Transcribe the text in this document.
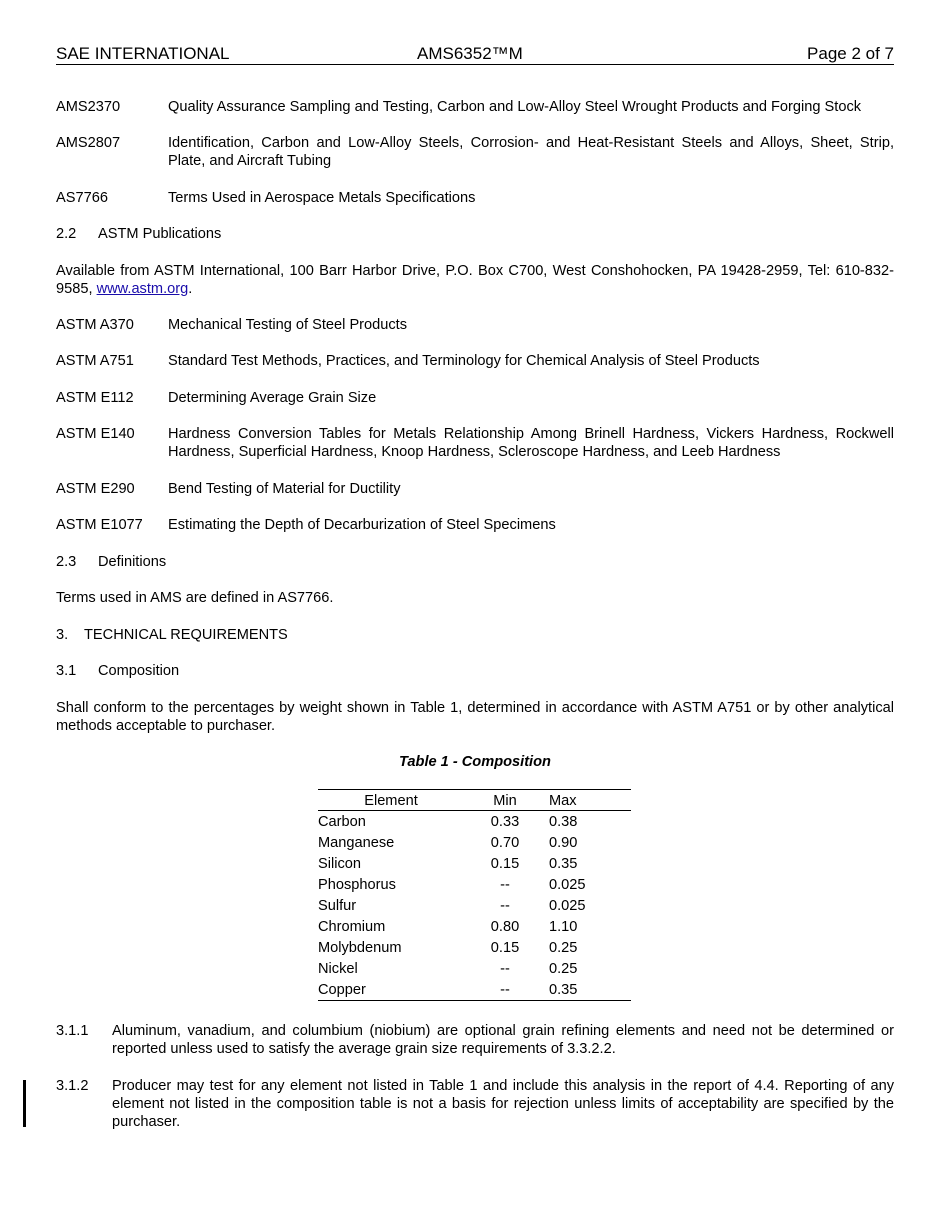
SAE INTERNATIONAL	AMS6352™M	Page 2 of 7
AMS2370	Quality Assurance Sampling and Testing, Carbon and Low-Alloy Steel Wrought Products and Forging Stock
AMS2807	Identification, Carbon and Low-Alloy Steels, Corrosion- and Heat-Resistant Steels and Alloys, Sheet, Strip, Plate, and Aircraft Tubing
AS7766	Terms Used in Aerospace Metals Specifications
2.2 ASTM Publications
Available from ASTM International, 100 Barr Harbor Drive, P.O. Box C700, West Conshohocken, PA 19428-2959, Tel: 610-832-9585, www.astm.org.
ASTM A370 Mechanical Testing of Steel Products
ASTM A751 Standard Test Methods, Practices, and Terminology for Chemical Analysis of Steel Products
ASTM E112 Determining Average Grain Size
ASTM E140 Hardness Conversion Tables for Metals Relationship Among Brinell Hardness, Vickers Hardness, Rockwell Hardness, Superficial Hardness, Knoop Hardness, Scleroscope Hardness, and Leeb Hardness
ASTM E290 Bend Testing of Material for Ductility
ASTM E1077 Estimating the Depth of Decarburization of Steel Specimens
2.3 Definitions
Terms used in AMS are defined in AS7766.
3. TECHNICAL REQUIREMENTS
3.1 Composition
Shall conform to the percentages by weight shown in Table 1, determined in accordance with ASTM A751 or by other analytical methods acceptable to purchaser.
Table 1 - Composition
Element	Min	Max
Carbon	0.33	0.38
Manganese	0.70	0.90
Silicon	0.15	0.35
Phosphorus	--	0.025
Sulfur	--	0.025
Chromium	0.80	1.10
Molybdenum	0.15	0.25
Nickel	--	0.25
Copper	--	0.35
3.1.1 Aluminum, vanadium, and columbium (niobium) are optional grain refining elements and need not be determined or reported unless used to satisfy the average grain size requirements of 3.3.2.2.
3.1.2 Producer may test for any element not listed in Table 1 and include this analysis in the report of 4.4. Reporting of any element not listed in the composition table is not a basis for rejection unless limits of acceptability are specified by the purchaser.
